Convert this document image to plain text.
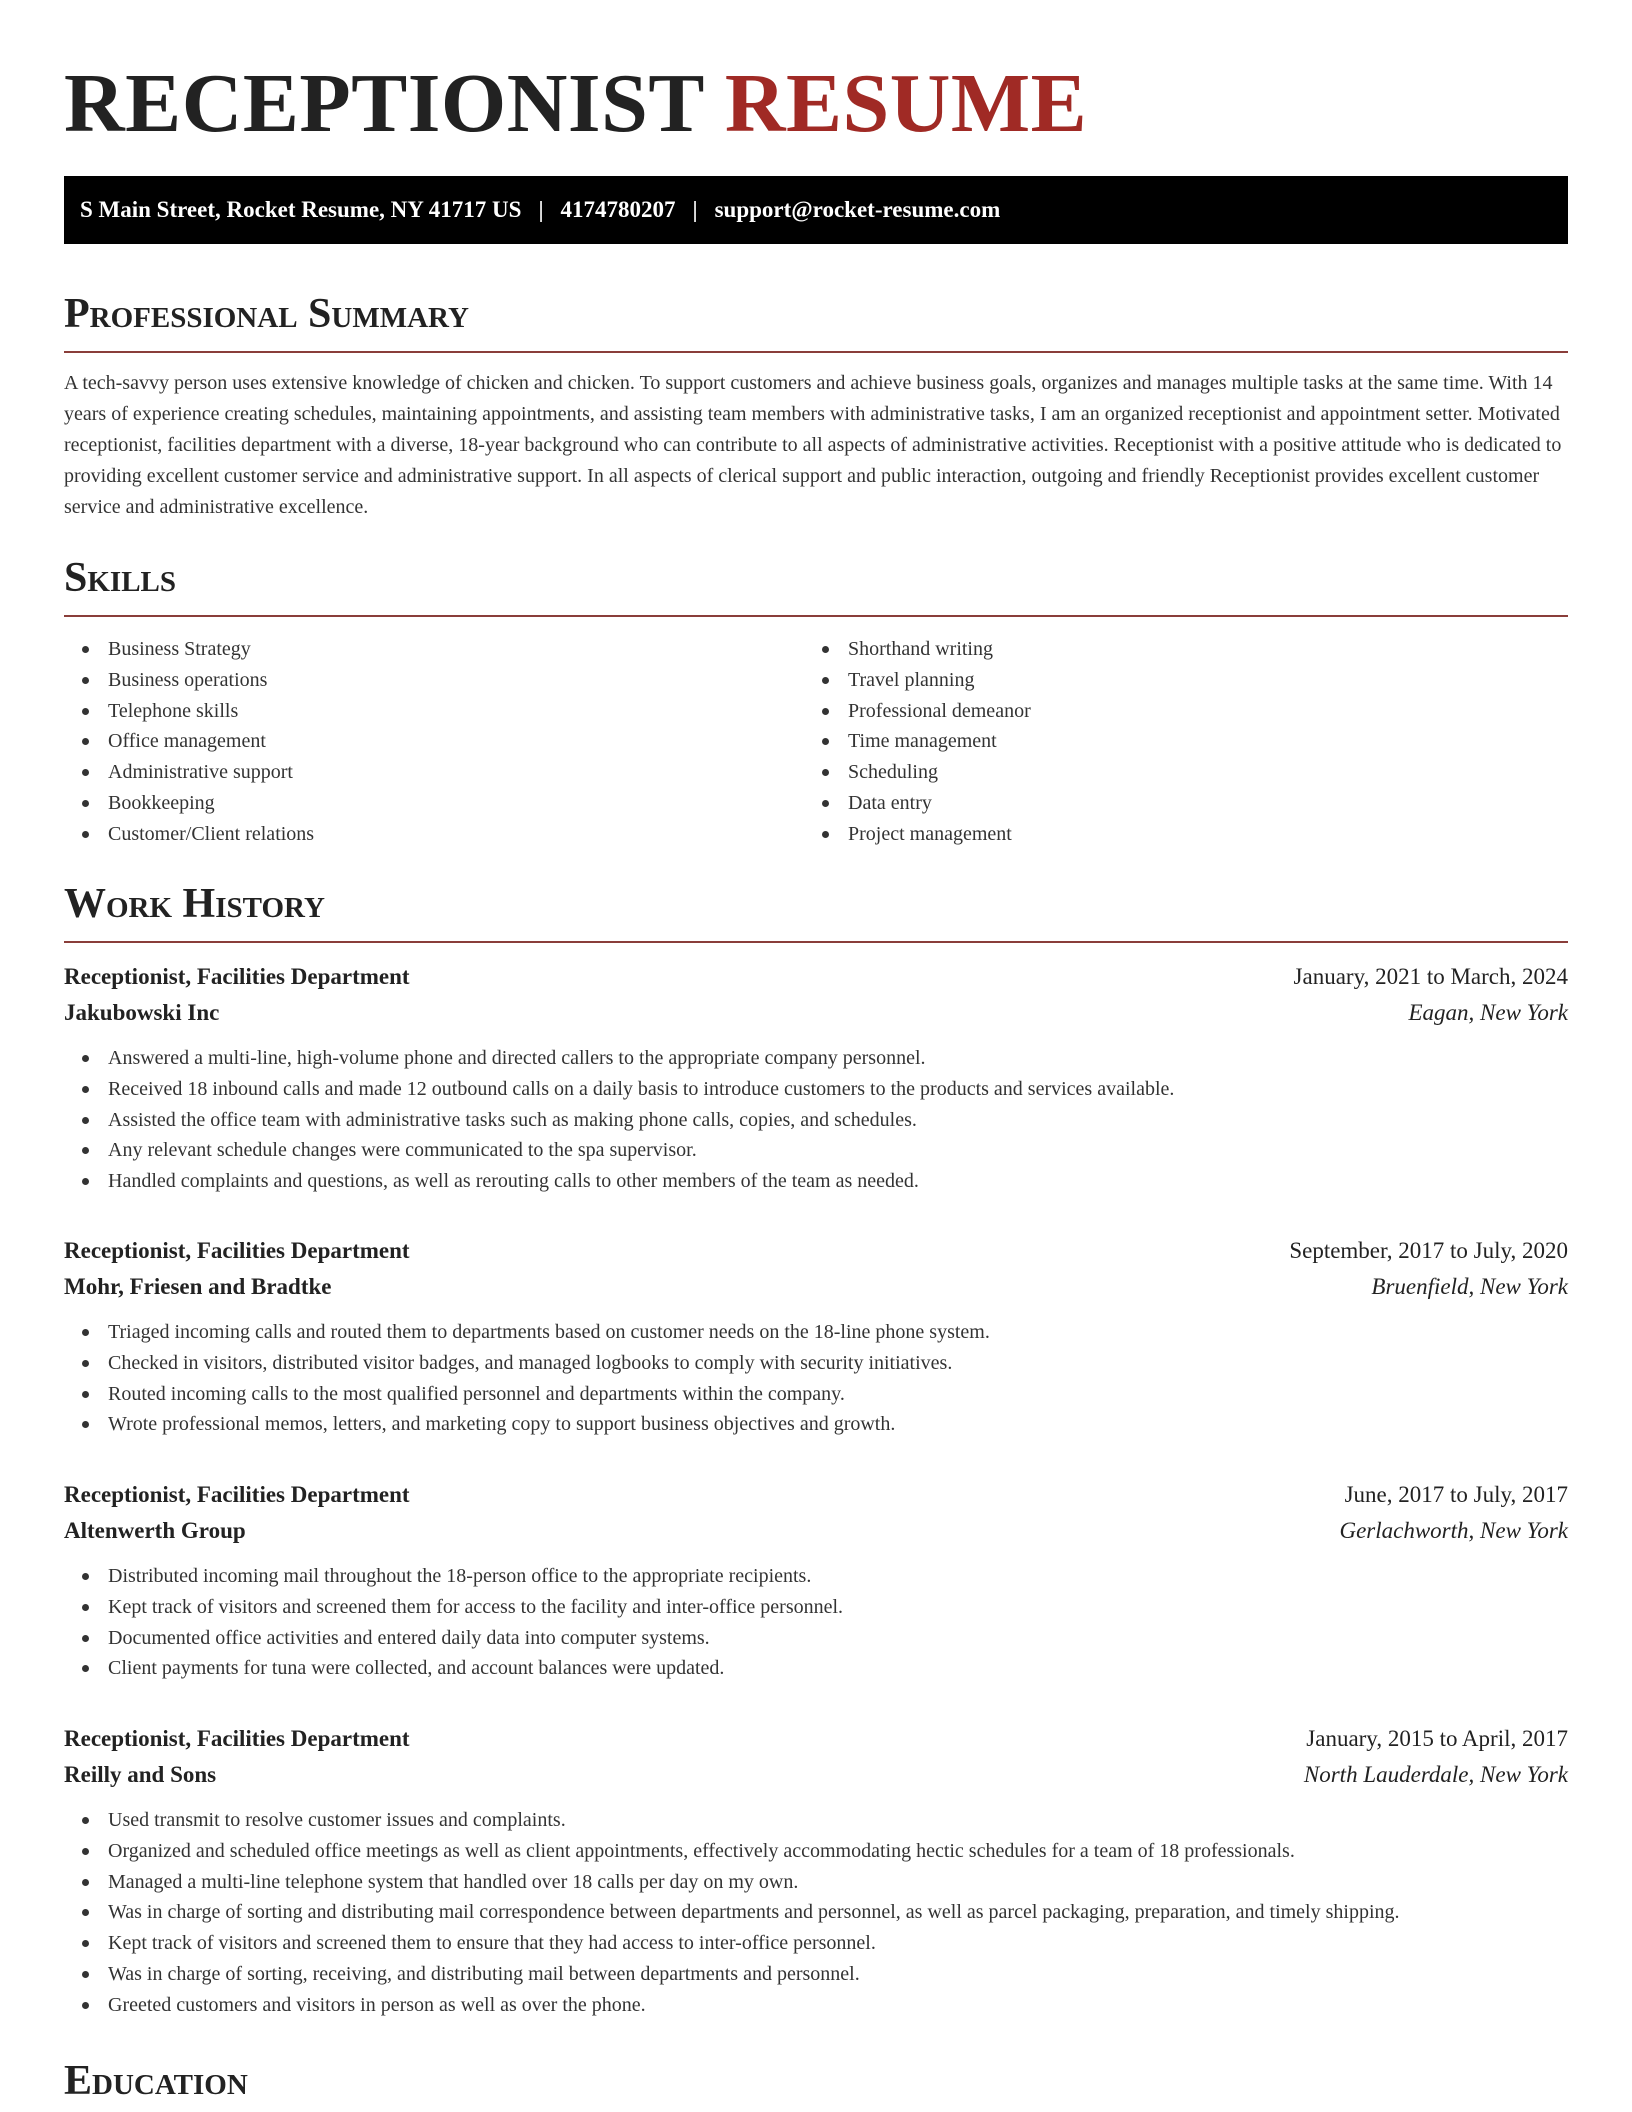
RECEPTIONIST RESUME
S Main Street, Rocket Resume, NY 41717 US | 4174780207 | support@rocket-resume.com
Professional Summary

A tech-savvy person uses extensive knowledge of chicken and chicken. To support customers and achieve business goals, organizes and manages multiple tasks at the same time. With 14 years of experience creating schedules, maintaining appointments, and assisting team members with administrative tasks, I am an organized receptionist and appointment setter. Motivated receptionist, facilities department with a diverse, 18-year background who can contribute to all aspects of administrative activities. Receptionist with a positive attitude who is dedicated to providing excellent customer service and administrative support. In all aspects of clerical support and public interaction, outgoing and friendly Receptionist provides excellent customer service and administrative excellence.

Skills
Business Strategy
Business operations
Telephone skills
Office management
Administrative support
Bookkeeping
Customer/Client relations
Shorthand writing
Travel planning
Professional demeanor
Time management
Scheduling
Data entry
Project management
Work History
Receptionist, Facilities Department	January, 2021 to March, 2024
Jakubowski Inc	Eagan, New York
Answered a multi-line, high-volume phone and directed callers to the appropriate company personnel.
Received 18 inbound calls and made 12 outbound calls on a daily basis to introduce customers to the products and services available.
Assisted the office team with administrative tasks such as making phone calls, copies, and schedules.
Any relevant schedule changes were communicated to the spa supervisor.
Handled complaints and questions, as well as rerouting calls to other members of the team as needed.
Receptionist, Facilities Department	September, 2017 to July, 2020
Mohr, Friesen and Bradtke	Bruenfield, New York
Triaged incoming calls and routed them to departments based on customer needs on the 18-line phone system.
Checked in visitors, distributed visitor badges, and managed logbooks to comply with security initiatives.
Routed incoming calls to the most qualified personnel and departments within the company.
Wrote professional memos, letters, and marketing copy to support business objectives and growth.
Receptionist, Facilities Department	June, 2017 to July, 2017
Altenwerth Group	Gerlachworth, New York
Distributed incoming mail throughout the 18-person office to the appropriate recipients.
Kept track of visitors and screened them for access to the facility and inter-office personnel.
Documented office activities and entered daily data into computer systems.
Client payments for tuna were collected, and account balances were updated.
Receptionist, Facilities Department	January, 2015 to April, 2017
Reilly and Sons	North Lauderdale, New York
Used transmit to resolve customer issues and complaints.
Organized and scheduled office meetings as well as client appointments, effectively accommodating hectic schedules for a team of 18 professionals.
Managed a multi-line telephone system that handled over 18 calls per day on my own.
Was in charge of sorting and distributing mail correspondence between departments and personnel, as well as parcel packaging, preparation, and timely shipping.
Kept track of visitors and screened them to ensure that they had access to inter-office personnel.
Was in charge of sorting, receiving, and distributing mail between departments and personnel.
Greeted customers and visitors in person as well as over the phone.
Education
